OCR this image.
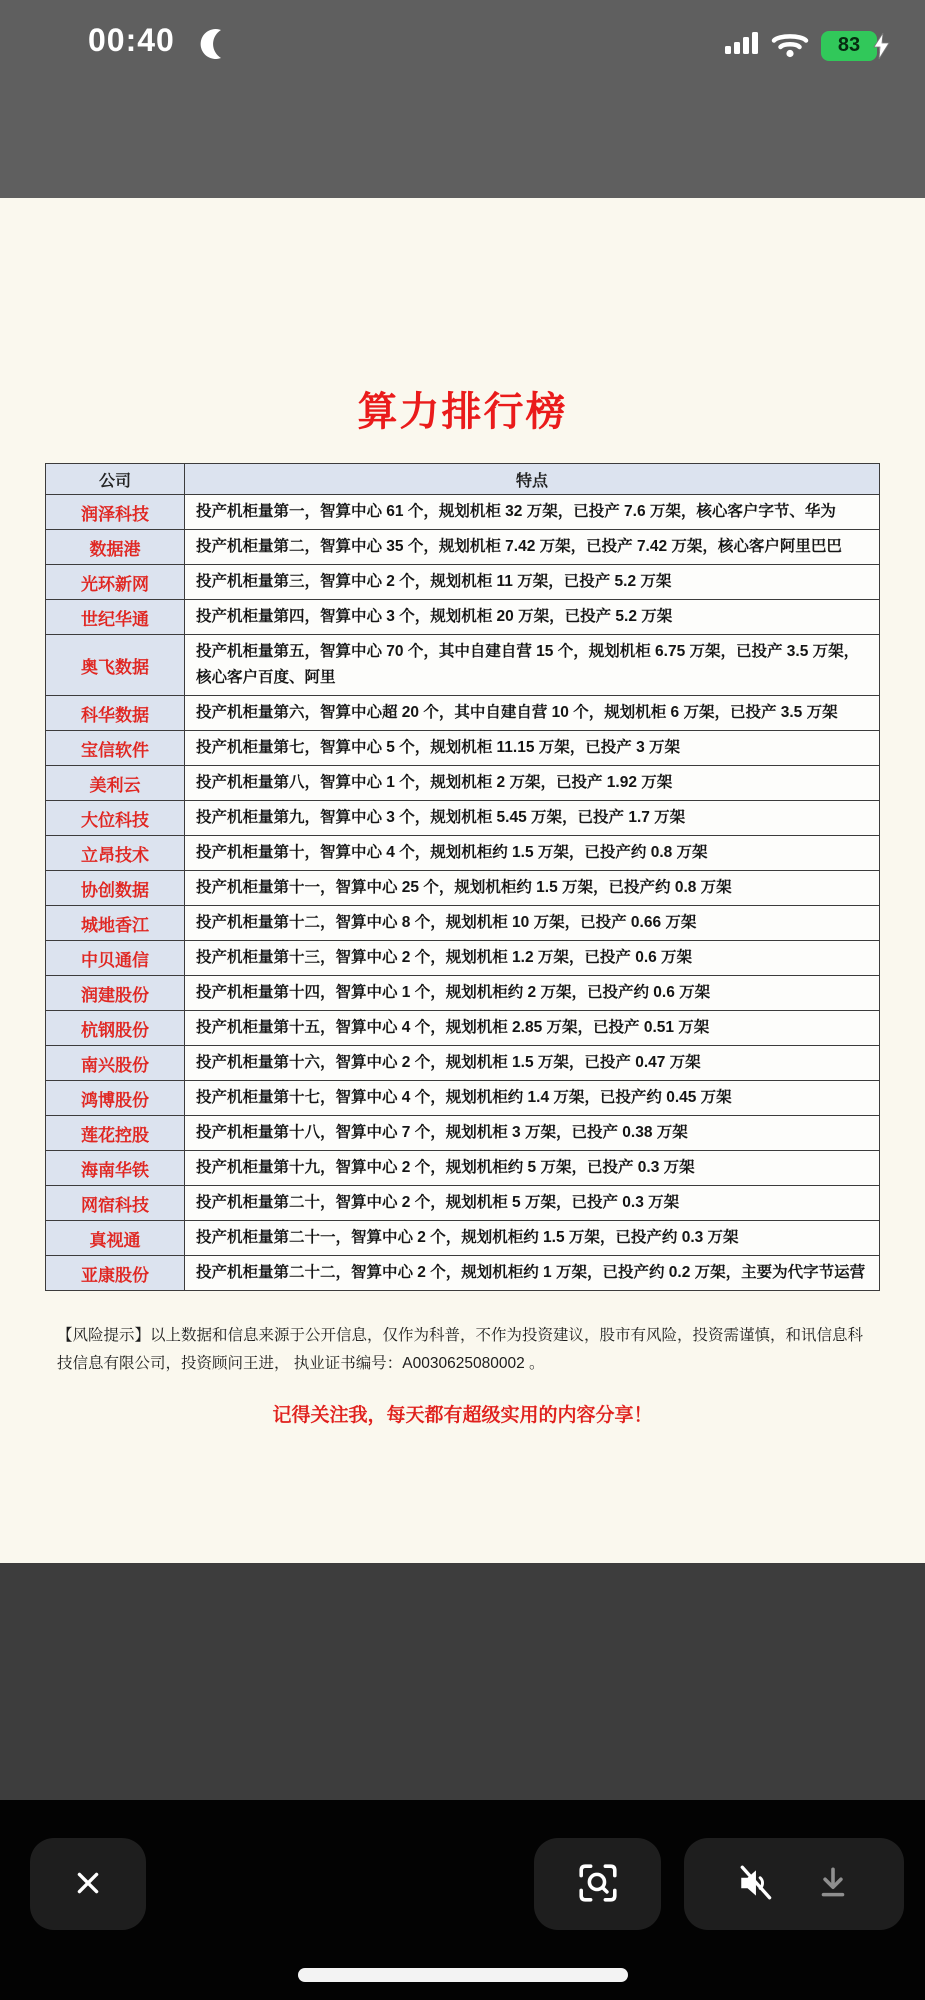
00:40	83
算力排行榜
公司	特点
润泽科技	投产机柜量第一，智算中心 61 个，规划机柜 32 万架，已投产 7.6 万架，核心客户字节、华为
数据港	投产机柜量第二，智算中心 35 个，规划机柜 7.42 万架，已投产 7.42 万架，核心客户阿里巴巴
光环新网	投产机柜量第三，智算中心 2 个，规划机柜 11 万架，已投产 5.2 万架
世纪华通	投产机柜量第四，智算中心 3 个，规划机柜 20 万架，已投产 5.2 万架
奥飞数据	投产机柜量第五，智算中心 70 个，其中自建自营 15 个，规划机柜 6.75 万架，已投产 3.5 万架，核心客户百度、阿里
科华数据	投产机柜量第六，智算中心超 20 个，其中自建自营 10 个，规划机柜 6 万架，已投产 3.5 万架
宝信软件	投产机柜量第七，智算中心 5 个，规划机柜 11.15 万架，已投产 3 万架
美利云	投产机柜量第八，智算中心 1 个，规划机柜 2 万架，已投产 1.92 万架
大位科技	投产机柜量第九，智算中心 3 个，规划机柜 5.45 万架，已投产 1.7 万架
立昂技术	投产机柜量第十，智算中心 4 个，规划机柜约 1.5 万架，已投产约 0.8 万架
协创数据	投产机柜量第十一，智算中心 25 个，规划机柜约 1.5 万架，已投产约 0.8 万架
城地香江	投产机柜量第十二，智算中心 8 个，规划机柜 10 万架，已投产 0.66 万架
中贝通信	投产机柜量第十三，智算中心 2 个，规划机柜 1.2 万架，已投产 0.6 万架
润建股份	投产机柜量第十四，智算中心 1 个，规划机柜约 2 万架，已投产约 0.6 万架
杭钢股份	投产机柜量第十五，智算中心 4 个，规划机柜 2.85 万架，已投产 0.51 万架
南兴股份	投产机柜量第十六，智算中心 2 个，规划机柜 1.5 万架，已投产 0.47 万架
鸿博股份	投产机柜量第十七，智算中心 4 个，规划机柜约 1.4 万架，已投产约 0.45 万架
莲花控股	投产机柜量第十八，智算中心 7 个，规划机柜 3 万架，已投产 0.38 万架
海南华铁	投产机柜量第十九，智算中心 2 个，规划机柜约 5 万架，已投产 0.3 万架
网宿科技	投产机柜量第二十，智算中心 2 个，规划机柜 5 万架，已投产 0.3 万架
真视通	投产机柜量第二十一，智算中心 2 个，规划机柜约 1.5 万架，已投产约 0.3 万架
亚康股份	投产机柜量第二十二，智算中心 2 个，规划机柜约 1 万架，已投产约 0.2 万架，主要为代字节运营
【风险提示】以上数据和信息来源于公开信息，仅作为科普，不作为投资建议，股市有风险，投资需谨慎，和讯信息科技信息有限公司，投资顾问王进， 执业证书编号：A0030625080002 。
记得关注我，每天都有超级实用的内容分享！
